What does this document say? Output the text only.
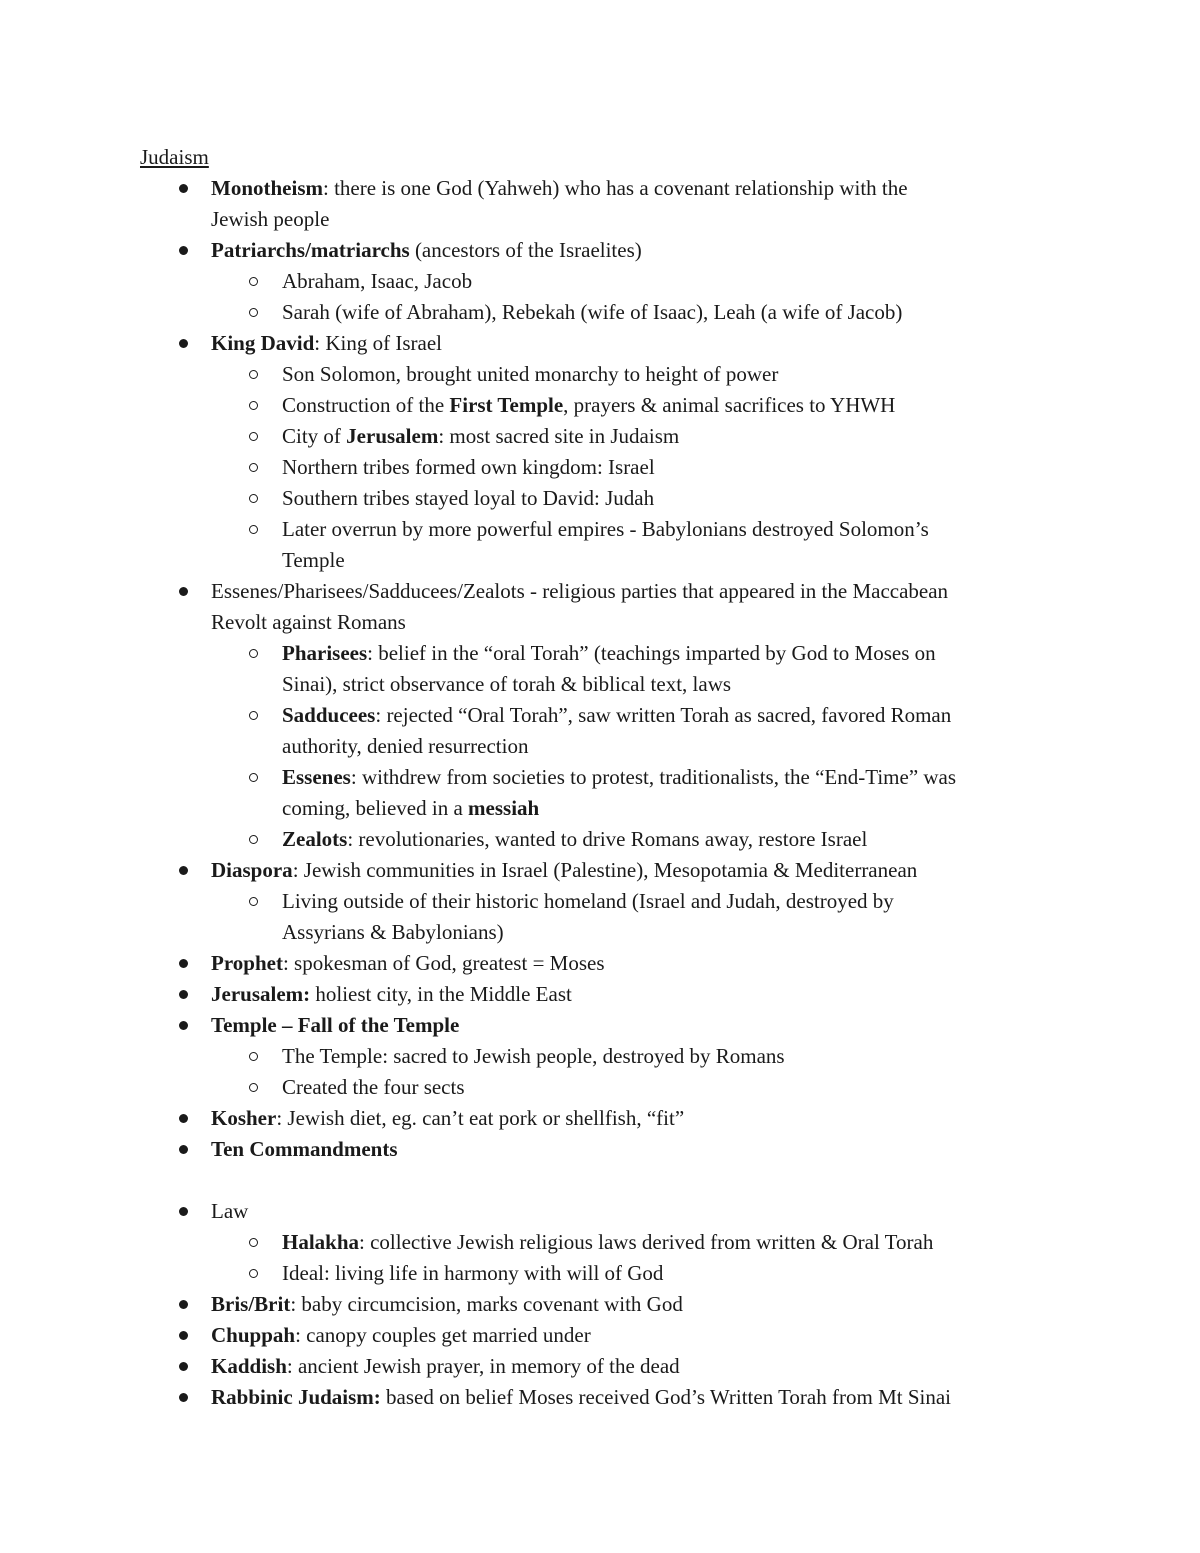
Judaism
Monotheism: there is one God (Yahweh) who has a covenant relationship with the
Jewish people
Patriarchs/matriarchs (ancestors of the Israelites)
Abraham, Isaac, Jacob
Sarah (wife of Abraham), Rebekah (wife of Isaac), Leah (a wife of Jacob)
King David: King of Israel
Son Solomon, brought united monarchy to height of power
Construction of the First Temple, prayers & animal sacrifices to YHWH
City of Jerusalem: most sacred site in Judaism
Northern tribes formed own kingdom: Israel
Southern tribes stayed loyal to David: Judah
Later overrun by more powerful empires - Babylonians destroyed Solomon’s
Temple
Essenes/Pharisees/Sadducees/Zealots - religious parties that appeared in the Maccabean
Revolt against Romans
Pharisees: belief in the “oral Torah” (teachings imparted by God to Moses on
Sinai), strict observance of torah & biblical text, laws
Sadducees: rejected “Oral Torah”, saw written Torah as sacred, favored Roman
authority, denied resurrection
Essenes: withdrew from societies to protest, traditionalists, the “End-Time” was
coming, believed in a messiah
Zealots: revolutionaries, wanted to drive Romans away, restore Israel
Diaspora: Jewish communities in Israel (Palestine), Mesopotamia & Mediterranean
Living outside of their historic homeland (Israel and Judah, destroyed by
Assyrians & Babylonians)
Prophet: spokesman of God, greatest = Moses
Jerusalem: holiest city, in the Middle East
Temple – Fall of the Temple
The Temple: sacred to Jewish people, destroyed by Romans
Created the four sects
Kosher: Jewish diet, eg. can’t eat pork or shellfish, “fit”
Ten Commandments
Law
Halakha: collective Jewish religious laws derived from written & Oral Torah
Ideal: living life in harmony with will of God
Bris/Brit: baby circumcision, marks covenant with God
Chuppah: canopy couples get married under
Kaddish: ancient Jewish prayer, in memory of the dead
Rabbinic Judaism: based on belief Moses received God’s Written Torah from Mt Sinai
